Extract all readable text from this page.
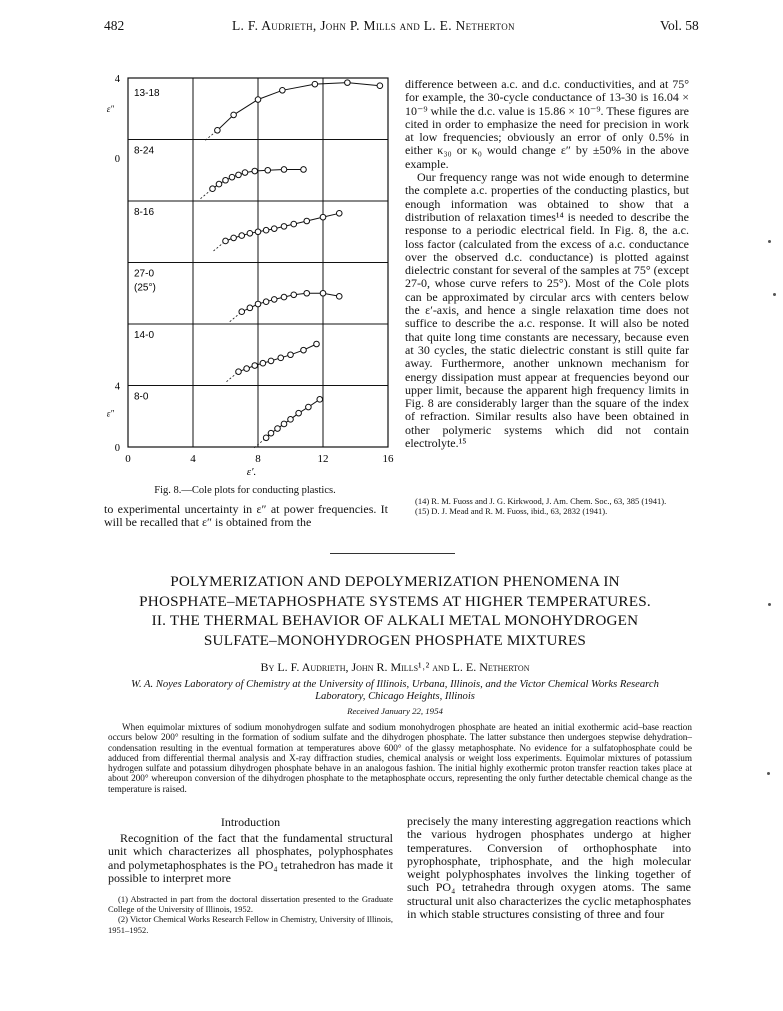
482	L. F. Audrieth, John P. Mills and L. E. Netherton	Vol. 58
0	4	8	12	16
ε′.
4
0
4
0
ε″
ε″
13-18
8-24
8-16
27-0
(25°)
14-0
8-0
Fig. 8.—Cole plots for conducting plastics.

to experimental uncertainty in ε″ at power frequencies. It will be recalled that ε″ is obtained from the

difference between a.c. and d.c. conductivities, and at 75° for example, the 30-cycle conductance of 13-30 is 16.04 × 10⁻⁹ while the d.c. value is 15.86 × 10⁻⁹. These figures are cited in order to emphasize the need for precision in work at low frequencies; obviously an error of only 0.5% in either κ₃₀ or κ₀ would change ε″ by ±50% in the above example.

Our frequency range was not wide enough to determine the complete a.c. properties of the conducting plastics, but enough information was obtained to show that a distribution of relaxation times¹⁴ is needed to describe the response to a periodic electrical field. In Fig. 8, the a.c. loss factor (calculated from the excess of a.c. conductance over the observed d.c. conductance) is plotted against dielectric constant for several of the samples at 75° (except 27-0, whose curve refers to 25°). Most of the Cole plots can be approximated by circular arcs with centers below the ε′-axis, and hence a single relaxation time does not suffice to describe the a.c. response. It will also be noted that quite long time constants are necessary, because even at 30 cycles, the static dielectric constant is still quite far away. Furthermore, another unknown mechanism for energy dissipation must appear at frequencies beyond our upper limit, because the apparent high frequency limits in Fig. 8 are considerably larger than the square of the index of refraction. Similar results also have been obtained in other polymeric systems which did not contain electrolyte.¹⁵

(14) R. M. Fuoss and J. G. Kirkwood, J. Am. Chem. Soc., 63, 385 (1941).

(15) D. J. Mead and R. M. Fuoss, ibid., 63, 2832 (1941).

POLYMERIZATION AND DEPOLYMERIZATION PHENOMENA IN
PHOSPHATE–METAPHOSPHATE SYSTEMS AT HIGHER TEMPERATURES.
II. THE THERMAL BEHAVIOR OF ALKALI METAL MONOHYDROGEN
SULFATE–MONOHYDROGEN PHOSPHATE MIXTURES
By L. F. Audrieth, John R. Mills¹˒² and L. E. Netherton
W. A. Noyes Laboratory of Chemistry at the University of Illinois, Urbana, Illinois, and the Victor Chemical Works Research Laboratory, Chicago Heights, Illinois
Received January 22, 1954

When equimolar mixtures of sodium monohydrogen sulfate and sodium monohydrogen phosphate are heated an initial exothermic acid–base reaction occurs below 200° resulting in the formation of sodium sulfate and the dihydrogen phosphate. The latter substance then undergoes stepwise dehydration–condensation resulting in the eventual formation at temperatures above 600° of the glassy metaphosphate. No evidence for a sulfatophosphate could be adduced from differential thermal analysis and X-ray diffraction studies, chemical analysis or weight loss experiments. Equimolar mixtures of potassium hydrogen sulfate and potassium dihydrogen phosphate behave in an analogous fashion. The initial highly exothermic proton transfer reaction takes place at about 200° whereupon conversion of the dihydrogen phosphate to the metaphosphate occurs, representing the only further detectable chemical change as the temperature is raised.

Introduction

Recognition of the fact that the fundamental structural unit which characterizes all phosphates, polyphosphates and polymetaphosphates is the PO₄ tetrahedron has made it possible to interpret more

(1) Abstracted in part from the doctoral dissertation presented to the Graduate College of the University of Illinois, 1952.

(2) Victor Chemical Works Research Fellow in Chemistry, University of Illinois, 1951–1952.

precisely the many interesting aggregation reactions which the various hydrogen phosphates undergo at higher temperatures. Conversion of orthophosphate into pyrophosphate, triphosphate, and the high molecular weight polyphosphates involves the linking together of such PO₄ tetrahedra through oxygen atoms. The same structural unit also characterizes the cyclic metaphosphates in which stable structures consisting of three and four
